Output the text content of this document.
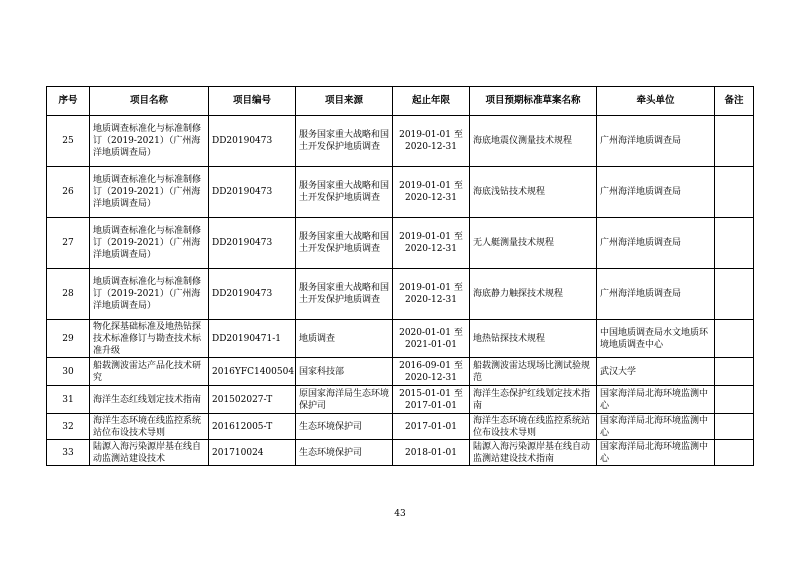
序号	项目名称	项目编号	项目来源	起止年限	项目预期标准草案名称	牵头单位	备注
25	地质调查标准化与标准制修订（2019-2021）（广州海洋地质调查局）	DD20190473	服务国家重大战略和国土开发保护地质调查	2019-01-01 至
2020-12-31	海底地震仪测量技术规程	广州海洋地质调查局	
26	地质调查标准化与标准制修订（2019-2021）（广州海洋地质调查局）	DD20190473	服务国家重大战略和国土开发保护地质调查	2019-01-01 至
2020-12-31	海底浅钻技术规程	广州海洋地质调查局	
27	地质调查标准化与标准制修订（2019-2021）（广州海洋地质调查局）	DD20190473	服务国家重大战略和国土开发保护地质调查	2019-01-01 至
2020-12-31	无人艇测量技术规程	广州海洋地质调查局	
28	地质调查标准化与标准制修订（2019-2021）（广州海洋地质调查局）	DD20190473	服务国家重大战略和国土开发保护地质调查	2019-01-01 至
2020-12-31	海底静力触探技术规程	广州海洋地质调查局	
29	物化探基础标准及地热钻探技术标准修订与勘查技术标准升级	DD20190471-1	地质调查	2020-01-01 至
2021-01-01	地热钻探技术规程	中国地质调查局水文地质环境地质调查中心	
30	船载测波雷达产品化技术研究	2016YFC1400504	国家科技部	2016-09-01 至
2020-12-31	船载测波雷达现场比测试验规范	武汉大学	
31	海洋生态红线划定技术指南	201502027-T	原国家海洋局生态环境保护司	2015-01-01 至
2017-01-01	海洋生态保护红线划定技术指南	国家海洋局北海环境监测中心	
32	海洋生态环境在线监控系统站位布设技术导则	201612005-T	生态环境保护司	2017-01-01	海洋生态环境在线监控系统站位布设技术导则	国家海洋局北海环境监测中心	
33	陆源入海污染源岸基在线自动监测站建设技术	201710024	生态环境保护司	2018-01-01	陆源入海污染源岸基在线自动监测站建设技术指南	国家海洋局北海环境监测中心	
43
